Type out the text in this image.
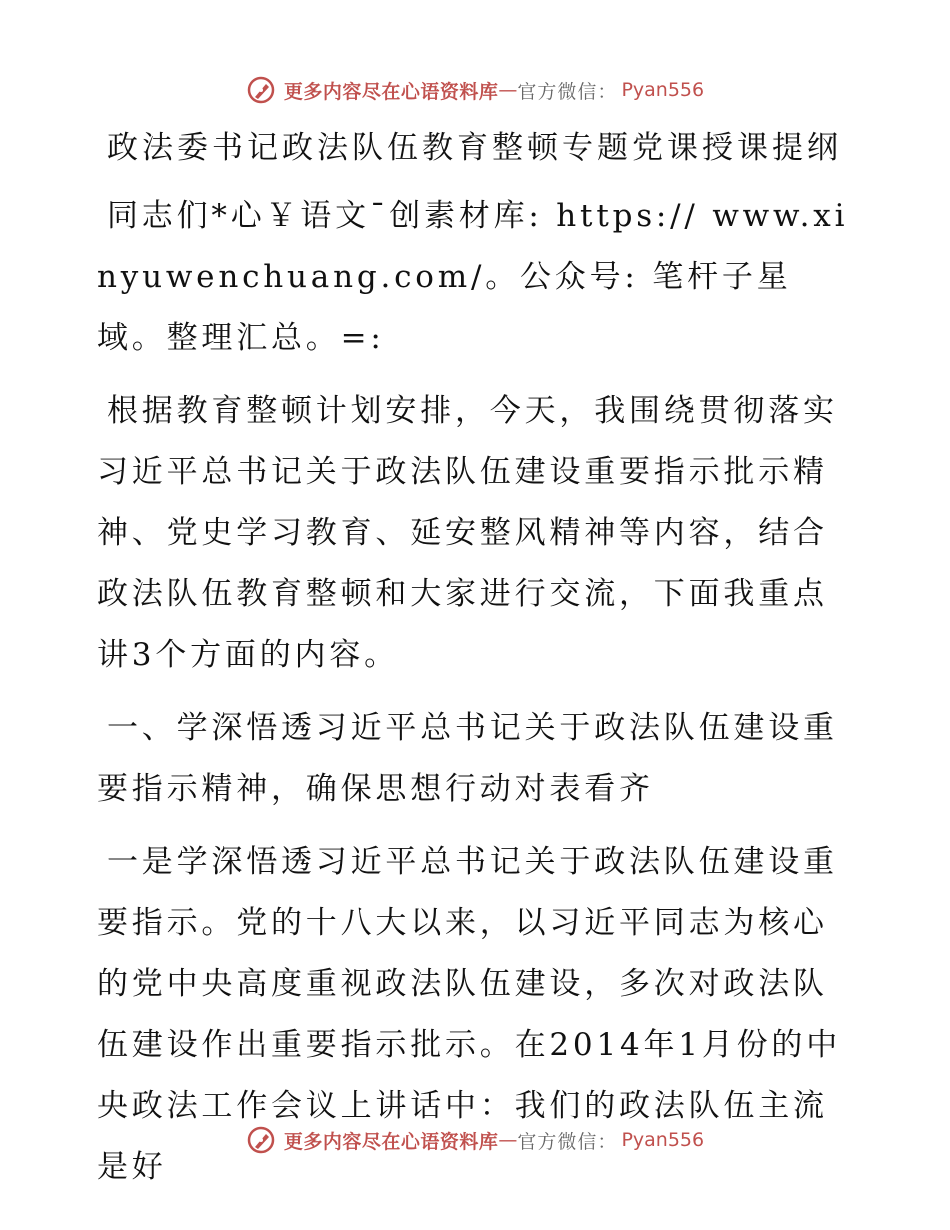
更多内容尽在心语资料库 — 官方微信： Pyan556
政法委书记政法队伍教育整顿专题党课授课提纲

同志们*心￥语文¯创素材库: https:// www.xinyuwenchuang.com/。公众号: 笔杆子星域。整理汇总。=:

根据教育整顿计划安排，今天，我围绕贯彻落实习近平总书记关于政法队伍建设重要指示批示精神、党史学习教育、延安整风精神等内容，结合政法队伍教育整顿和大家进行交流，下面我重点讲3个方面的内容。

一、学深悟透习近平总书记关于政法队伍建设重要指示精神，确保思想行动对表看齐

一是学深悟透习近平总书记关于政法队伍建设重要指示。党的十八大以来，以习近平同志为核心的党中央高度重视政法队伍建设，多次对政法队伍建设作出重要指示批示。在2014年1月份的中央政法工作会议上讲话中：我们的政法队伍主流是好

更多内容尽在心语资料库 — 官方微信： Pyan556
